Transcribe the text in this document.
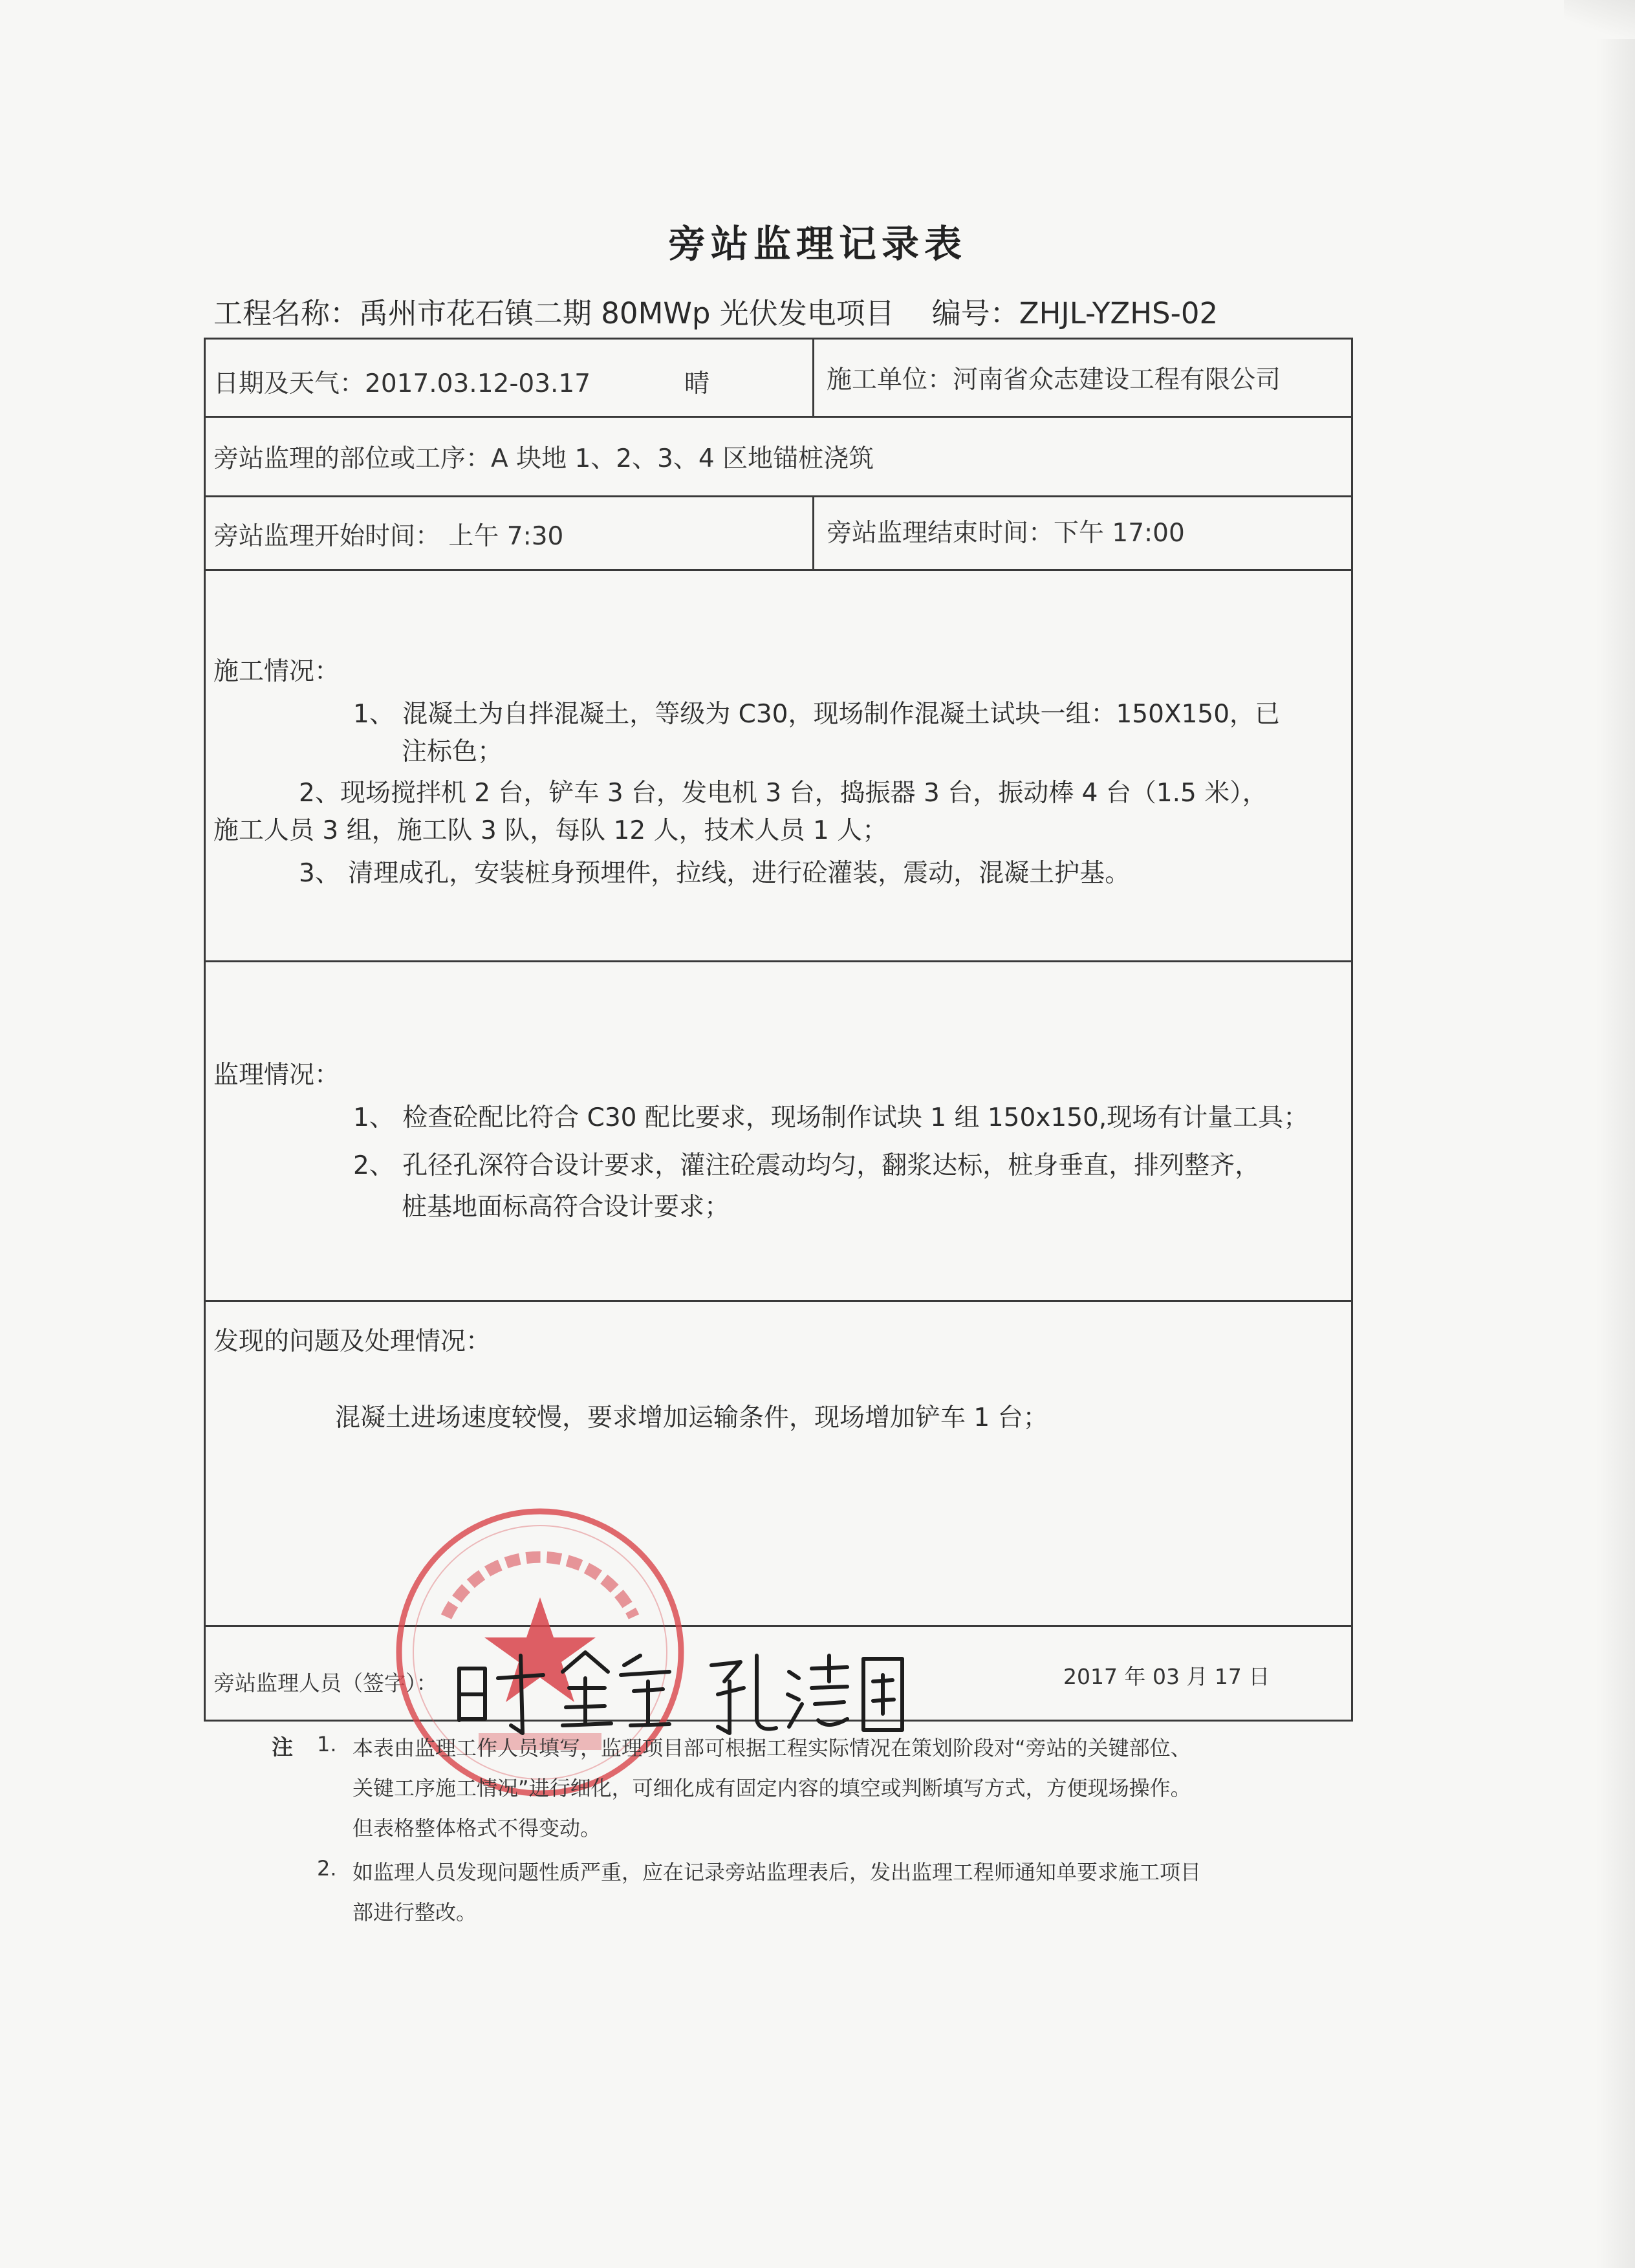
旁站监理记录表
工程名称：禹州市花石镇二期 80MWp 光伏发电项目 编号：ZHJL-YZHS-02
日期及天气：2017.03.12-03.17	晴	施工单位：河南省众志建设工程有限公司
旁站监理的部位或工序：A 块地 1、2、3、4 区地锚桩浇筑
旁站监理开始时间： 上午 7:30	旁站监理结束时间：下午 17:00
施工情况：
1、 混凝土为自拌混凝土，等级为 C30，现场制作混凝土试块一组：150X150，已
注标色；
2、现场搅拌机 2 台，铲车 3 台，发电机 3 台，捣振器 3 台，振动棒 4 台（1.5 米），
施工人员 3 组，施工队 3 队，每队 12 人，技术人员 1 人；
3、 清理成孔，安装桩身预埋件，拉线，进行砼灌装，震动，混凝土护基。
监理情况：
1、 检查砼配比符合 C30 配比要求，现场制作试块 1 组 150x150,现场有计量工具；
2、 孔径孔深符合设计要求，灌注砼震动均匀，翻浆达标，桩身垂直，排列整齐，
桩基地面标高符合设计要求；
发现的问题及处理情况：
混凝土进场速度较慢，要求增加运输条件，现场增加铲车 1 台；
旁站监理人员（签字）：	2017 年 03 月 17 日
注 1. 本表由监理工作人员填写，监理项目部可根据工程实际情况在策划阶段对“旁站的关键部位、
关键工序施工情况”进行细化，可细化成有固定内容的填空或判断填写方式，方便现场操作。
但表格整体格式不得变动。
2. 如监理人员发现问题性质严重，应在记录旁站监理表后，发出监理工程师通知单要求施工项目
部进行整改。
